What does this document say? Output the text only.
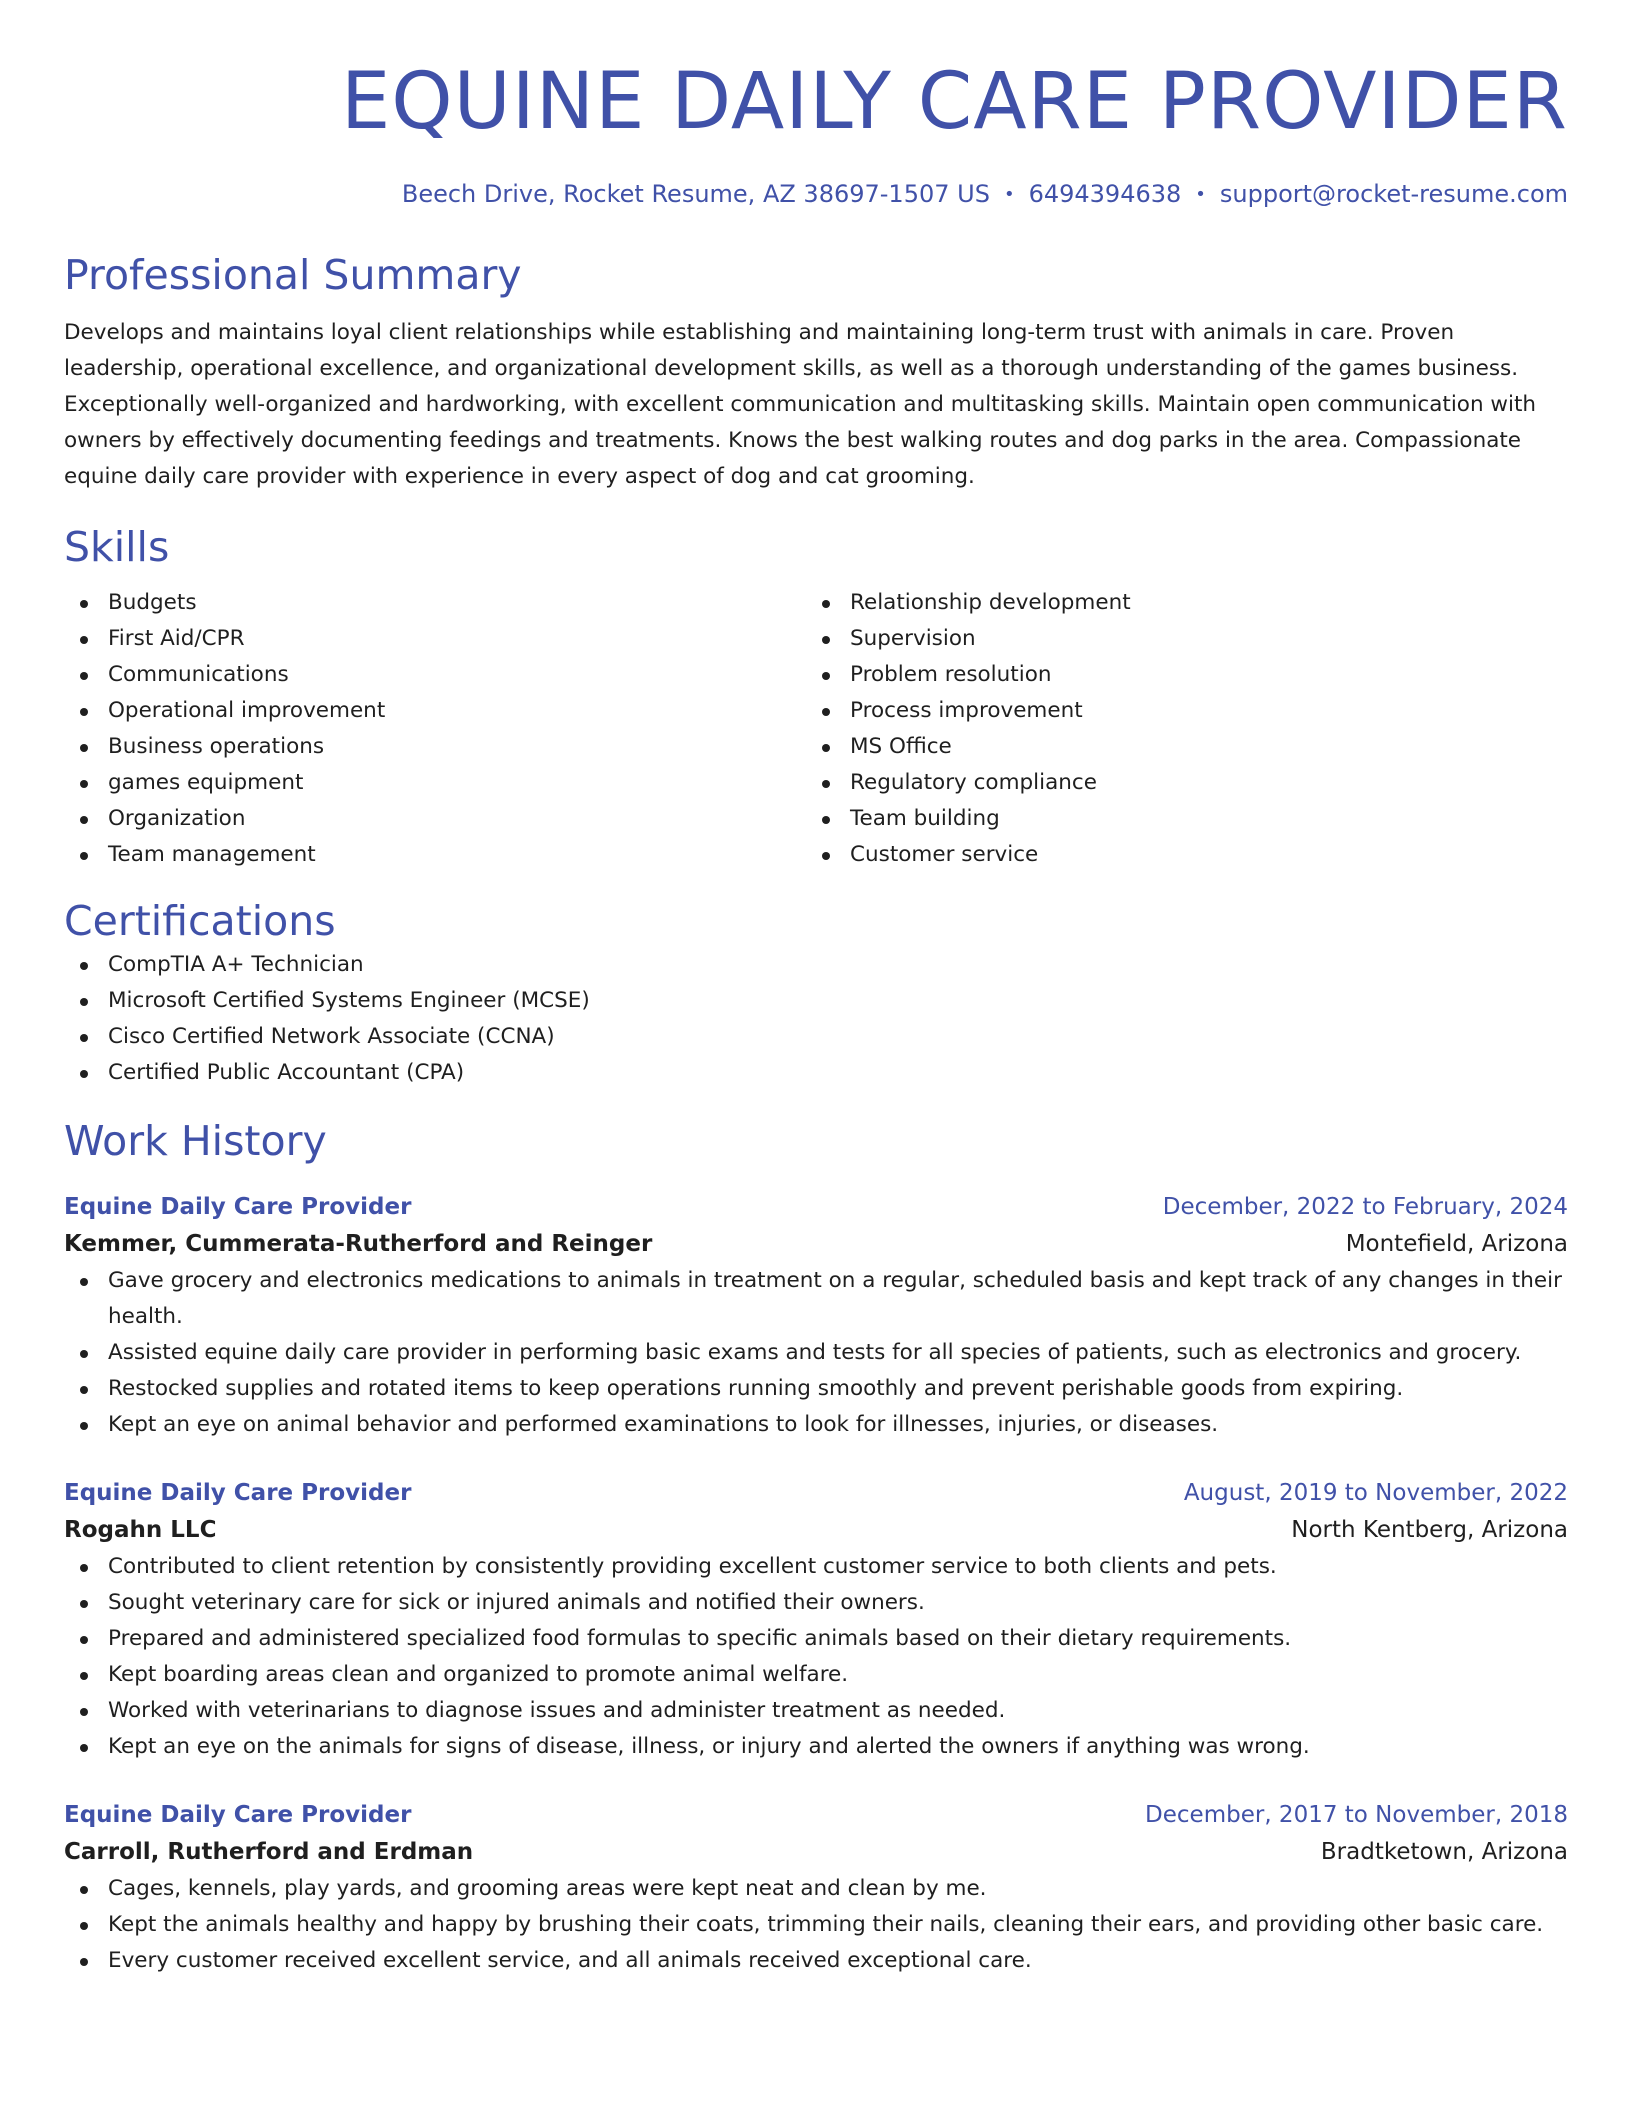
EQUINE DAILY CARE PROVIDER
Beech Drive, Rocket Resume, AZ 38697-1507 US • 6494394638 • support@rocket-resume.com
Professional Summary

Develops and maintains loyal client relationships while establishing and maintaining long-term trust with animals in care. Proven leadership, operational excellence, and organizational development skills, as well as a thorough understanding of the games business. Exceptionally well-organized and hardworking, with excellent communication and multitasking skills. Maintain open communication with owners by effectively documenting feedings and treatments. Knows the best walking routes and dog parks in the area. Compassionate equine daily care provider with experience in every aspect of dog and cat grooming.

Skills
Budgets
First Aid/CPR
Communications
Operational improvement
Business operations
games equipment
Organization
Team management
Relationship development
Supervision
Problem resolution
Process improvement
MS Office
Regulatory compliance
Team building
Customer service
Certifications
CompTIA A+ Technician
Microsoft Certified Systems Engineer (MCSE)
Cisco Certified Network Associate (CCNA)
Certified Public Accountant (CPA)
Work History
Equine Daily Care Provider	December, 2022 to February, 2024
Kemmer, Cummerata-Rutherford and Reinger	Montefield, Arizona
Gave grocery and electronics medications to animals in treatment on a regular, scheduled basis and kept track of any changes in their health.
Assisted equine daily care provider in performing basic exams and tests for all species of patients, such as electronics and grocery.
Restocked supplies and rotated items to keep operations running smoothly and prevent perishable goods from expiring.
Kept an eye on animal behavior and performed examinations to look for illnesses, injuries, or diseases.
Equine Daily Care Provider	August, 2019 to November, 2022
Rogahn LLC	North Kentberg, Arizona
Contributed to client retention by consistently providing excellent customer service to both clients and pets.
Sought veterinary care for sick or injured animals and notified their owners.
Prepared and administered specialized food formulas to specific animals based on their dietary requirements.
Kept boarding areas clean and organized to promote animal welfare.
Worked with veterinarians to diagnose issues and administer treatment as needed.
Kept an eye on the animals for signs of disease, illness, or injury and alerted the owners if anything was wrong.
Equine Daily Care Provider	December, 2017 to November, 2018
Carroll, Rutherford and Erdman	Bradtketown, Arizona
Cages, kennels, play yards, and grooming areas were kept neat and clean by me.
Kept the animals healthy and happy by brushing their coats, trimming their nails, cleaning their ears, and providing other basic care.
Every customer received excellent service, and all animals received exceptional care.
